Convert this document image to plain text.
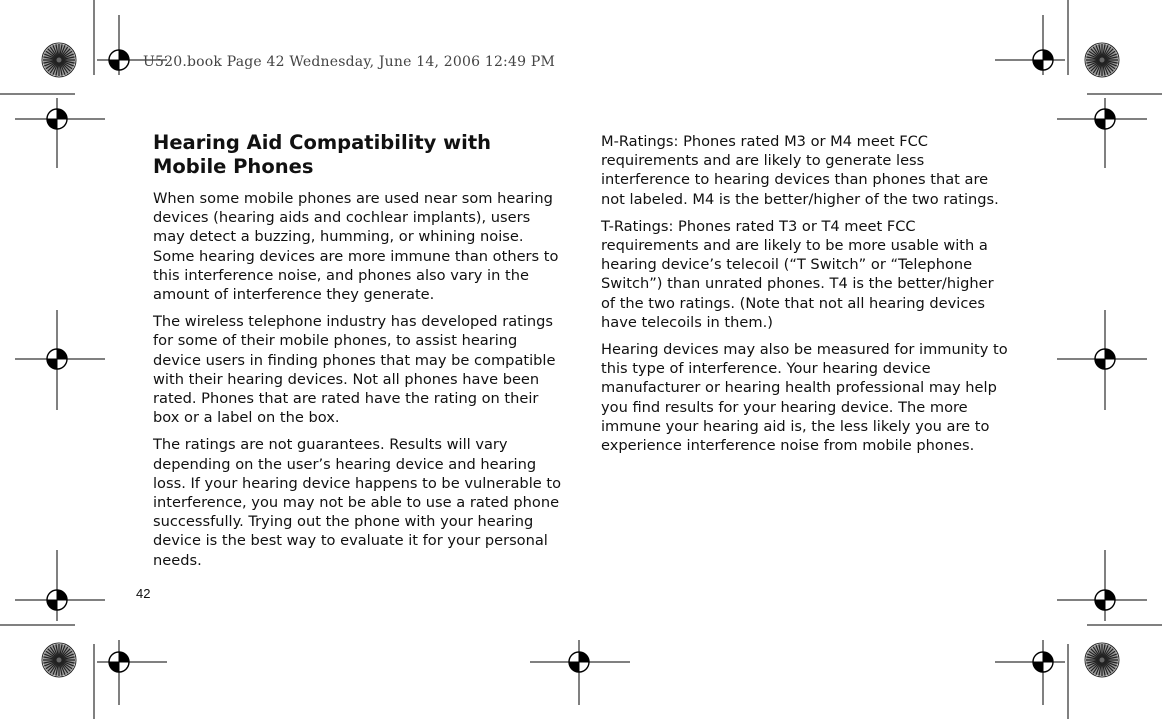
U520.book Page 42 Wednesday, June 14, 2006 12:49 PM
Hearing Aid Compatibility with Mobile Phones

When some mobile phones are used near som hearing devices (hearing aids and cochlear implants), users may detect a buzzing, humming, or whining noise. Some hearing devices are more immune than others to this interference noise, and phones also vary in the amount of interference they generate.

The wireless telephone industry has developed ratings for some of their mobile phones, to assist hearing device users in finding phones that may be compatible with their hearing devices. Not all phones have been rated. Phones that are rated have the rating on their box or a label on the box.

The ratings are not guarantees. Results will vary depending on the user’s hearing device and hearing loss. If your hearing device happens to be vulnerable to interference, you may not be able to use a rated phone successfully. Trying out the phone with your hearing device is the best way to evaluate it for your personal needs.

M-Ratings: Phones rated M3 or M4 meet FCC requirements and are likely to generate less interference to hearing devices than phones that are not labeled. M4 is the better/higher of the two ratings.

T-Ratings: Phones rated T3 or T4 meet FCC requirements and are likely to be more usable with a hearing device’s telecoil (“T Switch” or “Telephone Switch”) than unrated phones. T4 is the better/higher of the two ratings. (Note that not all hearing devices have telecoils in them.)

Hearing devices may also be measured for immunity to this type of interference. Your hearing device manufacturer or hearing health professional may help you find results for your hearing device. The more immune your hearing aid is, the less likely you are to experience interference noise from mobile phones.

42
